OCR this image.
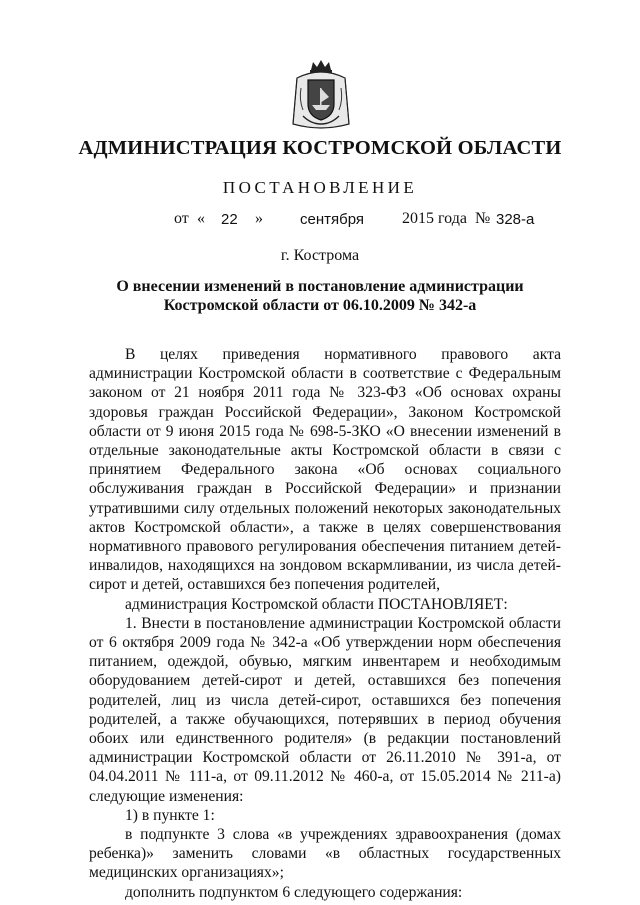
АДМИНИСТРАЦИЯ КОСТРОМСКОЙ ОБЛАСТИ
ПОСТАНОВЛЕНИЕ
от « 22 » сентября 2015 года № 328-а
г. Кострома
О внесении изменений в постановление администрации
Костромской области от 06.10.2009 № 342-а

В целях приведения нормативного правового акта администрации Костромской области в соответствие с Федеральным законом от 21 ноября 2011 года № 323-ФЗ «Об основах охраны здоровья граждан Российской Федерации», Законом Костромской области от 9 июня 2015 года № 698-5-ЗКО «О внесении изменений в отдельные законодательные акты Костромской области в связи с принятием Федерального закона «Об основах социального обслуживания граждан в Российской Федерации» и признании утратившими силу отдельных положений некоторых законодательных актов Костромской области», а также в целях совершенствования нормативного правового регулирования обеспечения питанием детей-инвалидов, находящихся на зондовом вскармливании, из числа детей-сирот и детей, оставшихся без попечения родителей,

администрация Костромской области ПОСТАНОВЛЯЕТ:

1. Внести в постановление администрации Костромской области от 6 октября 2009 года № 342-а «Об утверждении норм обеспечения питанием, одеждой, обувью, мягким инвентарем и необходимым оборудованием детей-сирот и детей, оставшихся без попечения родителей, лиц из числа детей-сирот, оставшихся без попечения родителей, а также обучающихся, потерявших в период обучения обоих или единственного родителя» (в редакции постановлений администрации Костромской области от 26.11.2010 № 391-а, от 04.04.2011 № 111-а, от 09.11.2012 № 460-а, от 15.05.2014 № 211-а) следующие изменения:

1) в пункте 1:

в подпункте 3 слова «в учреждениях здравоохранения (домах ребенка)» заменить словами «в областных государственных медицинских организациях»;

дополнить подпунктом 6 следующего содержания:
